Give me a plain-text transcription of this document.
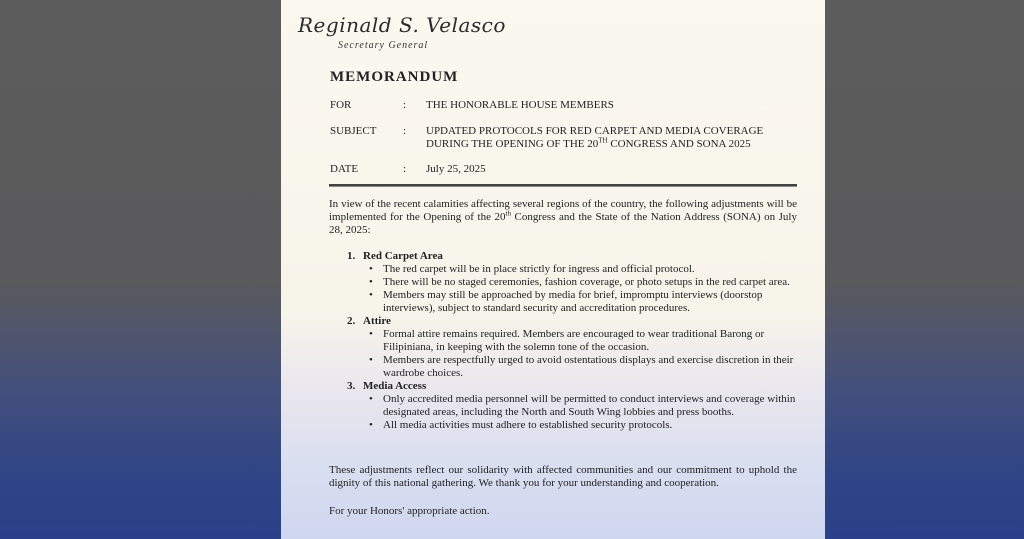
Reginald S. Velasco
Secretary General
MEMORANDUM
FOR	: THE HONORABLE HOUSE MEMBERS
SUBJECT : UPDATED PROTOCOLS FOR RED CARPET AND MEDIA COVERAGE
DURING THE OPENING OF THE 20TH CONGRESS AND SONA 2025
DATE	: July 25, 2025
In view of the recent calamities affecting several regions of the country, the following adjustments will be implemented for the Opening of the 20th Congress and the State of the Nation Address (SONA) on July 28, 2025:
1. Red Carpet Area
• The red carpet will be in place strictly for ingress and official protocol.
• There will be no staged ceremonies, fashion coverage, or photo setups in the red carpet area.
• Members may still be approached by media for brief, impromptu interviews (doorstop interviews), subject to standard security and accreditation procedures.
2. Attire
• Formal attire remains required. Members are encouraged to wear traditional Barong or Filipiniana, in keeping with the solemn tone of the occasion.
• Members are respectfully urged to avoid ostentatious displays and exercise discretion in their wardrobe choices.
3. Media Access
• Only accredited media personnel will be permitted to conduct interviews and coverage within designated areas, including the North and South Wing lobbies and press booths.
• All media activities must adhere to established security protocols.
These adjustments reflect our solidarity with affected communities and our commitment to uphold the dignity of this national gathering. We thank you for your understanding and cooperation.
For your Honors' appropriate action.
